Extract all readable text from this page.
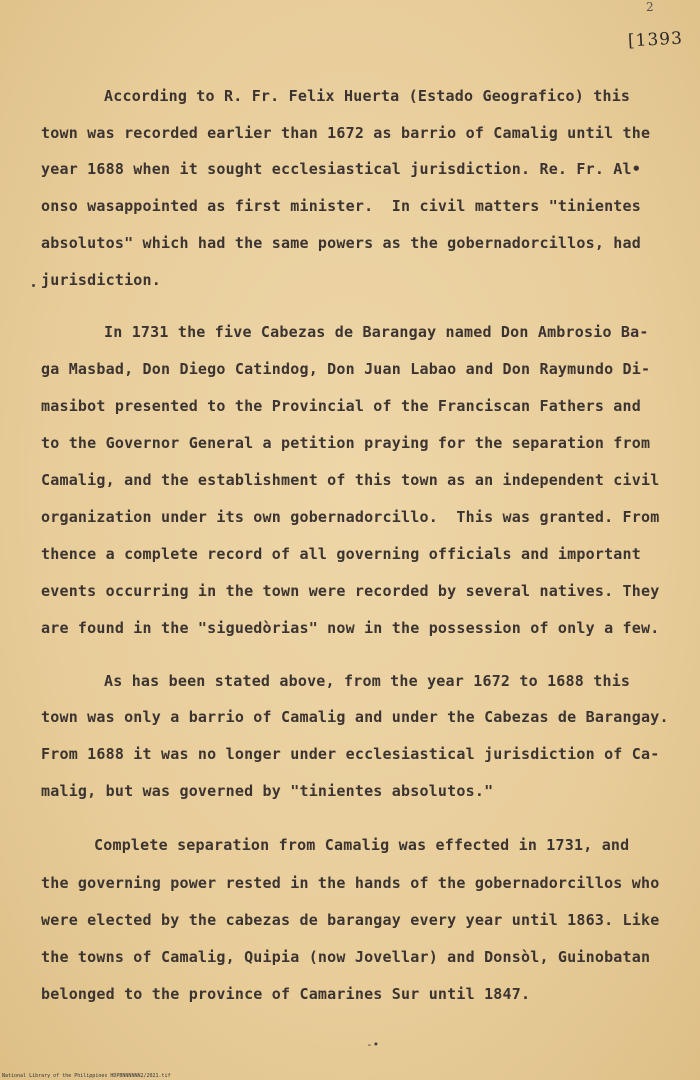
2
[1393
According to R. Fr. Felix Huerta (Estado Geografico) this
town was recorded earlier than 1672 as barrio of Camalig until the
year 1688 when it sought ecclesiastical jurisdiction. Re. Fr. Al•
onso wasappointed as first minister.  In civil matters "tinientes
absolutos" which had the same powers as the gobernadorcillos, had
jurisdiction.
In 1731 the five Cabezas de Barangay named Don Ambrosio Ba-
ga Masbad, Don Diego Catindog, Don Juan Labao and Don Raymundo Di-
masibot presented to the Provincial of the Franciscan Fathers and
to the Governor General a petition praying for the separation from
Camalig, and the establishment of this town as an independent civil
organization under its own gobernadorcillo.  This was granted. From
thence a complete record of all governing officials and important
events occurring in the town were recorded by several natives. They
are found in the "siguedòrias" now in the possession of only a few.
As has been stated above, from the year 1672 to 1688 this
town was only a barrio of Camalig and under the Cabezas de Barangay.
From 1688 it was no longer under ecclesiastical jurisdiction of Ca-
malig, but was governed by "tinientes absolutos."
Complete separation from Camalig was effected in 1731, and
the governing power rested in the hands of the gobernadorcillos who
were elected by the cabezas de barangay every year until 1863. Like
the towns of Camalig, Quipia (now Jovellar) and Donsòl, Guinobatan
belonged to the province of Camarines Sur until 1847.
-•
National Library of the Philippines HDPBNNNNNN2/2021.tif
